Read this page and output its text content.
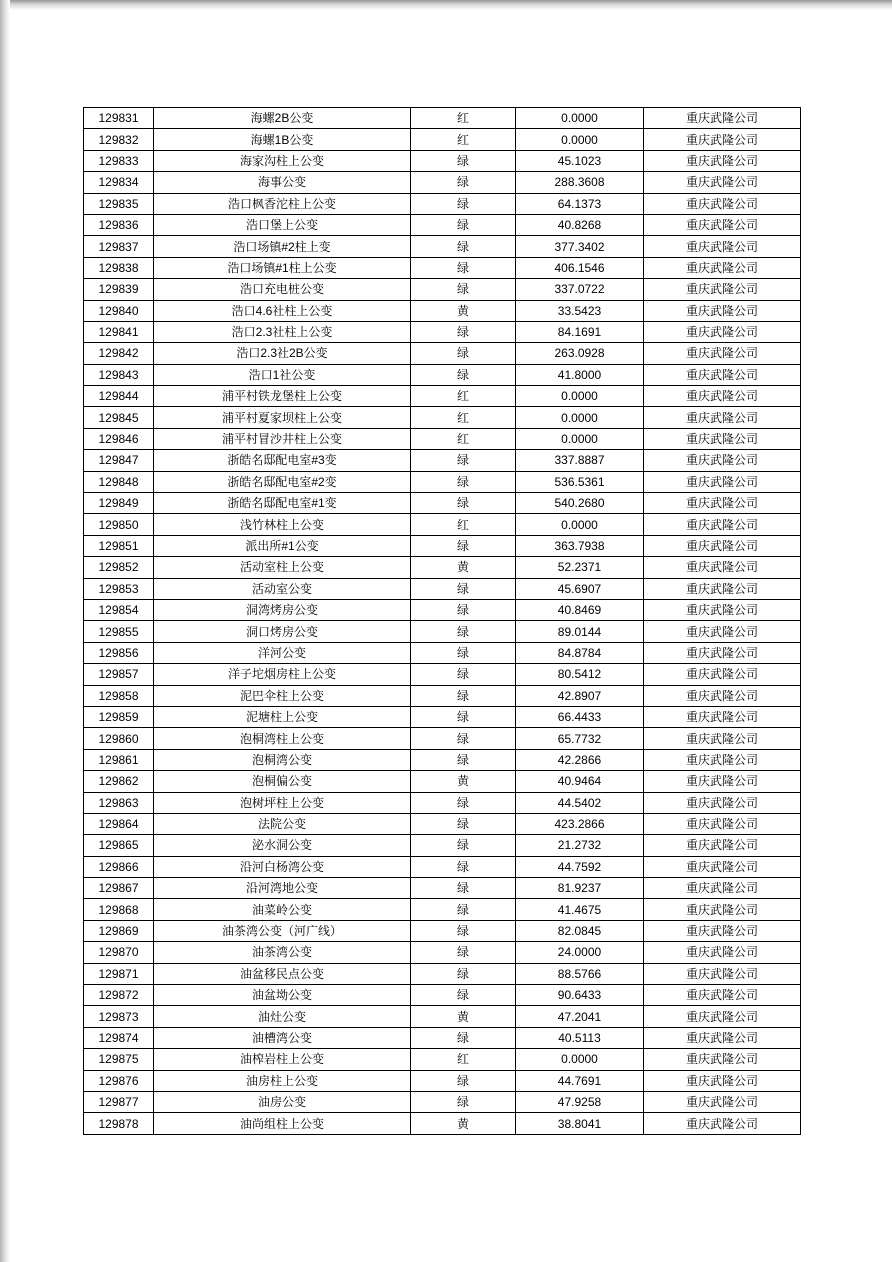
129831	海螺2B公变	红	0.0000	重庆武隆公司
129832	海螺1B公变	红	0.0000	重庆武隆公司
129833	海家沟柱上公变	绿	45.1023	重庆武隆公司
129834	海事公变	绿	288.3608	重庆武隆公司
129835	浩口枫香沱柱上公变	绿	64.1373	重庆武隆公司
129836	浩口堡上公变	绿	40.8268	重庆武隆公司
129837	浩口场镇#2柱上变	绿	377.3402	重庆武隆公司
129838	浩口场镇#1柱上公变	绿	406.1546	重庆武隆公司
129839	浩口充电桩公变	绿	337.0722	重庆武隆公司
129840	浩口4.6社柱上公变	黄	33.5423	重庆武隆公司
129841	浩口2.3社柱上公变	绿	84.1691	重庆武隆公司
129842	浩口2.3社2B公变	绿	263.0928	重庆武隆公司
129843	浩口1社公变	绿	41.8000	重庆武隆公司
129844	浦平村铁龙堡柱上公变	红	0.0000	重庆武隆公司
129845	浦平村夏家坝柱上公变	红	0.0000	重庆武隆公司
129846	浦平村冒沙井柱上公变	红	0.0000	重庆武隆公司
129847	浙皓名邸配电室#3变	绿	337.8887	重庆武隆公司
129848	浙皓名邸配电室#2变	绿	536.5361	重庆武隆公司
129849	浙皓名邸配电室#1变	绿	540.2680	重庆武隆公司
129850	浅竹林柱上公变	红	0.0000	重庆武隆公司
129851	派出所#1公变	绿	363.7938	重庆武隆公司
129852	活动室柱上公变	黄	52.2371	重庆武隆公司
129853	活动室公变	绿	45.6907	重庆武隆公司
129854	洞湾烤房公变	绿	40.8469	重庆武隆公司
129855	洞口烤房公变	绿	89.0144	重庆武隆公司
129856	洋河公变	绿	84.8784	重庆武隆公司
129857	洋子坨烟房柱上公变	绿	80.5412	重庆武隆公司
129858	泥巴伞柱上公变	绿	42.8907	重庆武隆公司
129859	泥塘柱上公变	绿	66.4433	重庆武隆公司
129860	泡桐湾柱上公变	绿	65.7732	重庆武隆公司
129861	泡桐湾公变	绿	42.2866	重庆武隆公司
129862	泡桐偏公变	黄	40.9464	重庆武隆公司
129863	泡树坪柱上公变	绿	44.5402	重庆武隆公司
129864	法院公变	绿	423.2866	重庆武隆公司
129865	泌水洞公变	绿	21.2732	重庆武隆公司
129866	沿河白杨湾公变	绿	44.7592	重庆武隆公司
129867	沿河湾地公变	绿	81.9237	重庆武隆公司
129868	油菜岭公变	绿	41.4675	重庆武隆公司
129869	油茶湾公变（河广线）	绿	82.0845	重庆武隆公司
129870	油茶湾公变	绿	24.0000	重庆武隆公司
129871	油盆移民点公变	绿	88.5766	重庆武隆公司
129872	油盆坳公变	绿	90.6433	重庆武隆公司
129873	油灶公变	黄	47.2041	重庆武隆公司
129874	油槽湾公变	绿	40.5113	重庆武隆公司
129875	油榨岩柱上公变	红	0.0000	重庆武隆公司
129876	油房柱上公变	绿	44.7691	重庆武隆公司
129877	油房公变	绿	47.9258	重庆武隆公司
129878	油尚组柱上公变	黄	38.8041	重庆武隆公司
